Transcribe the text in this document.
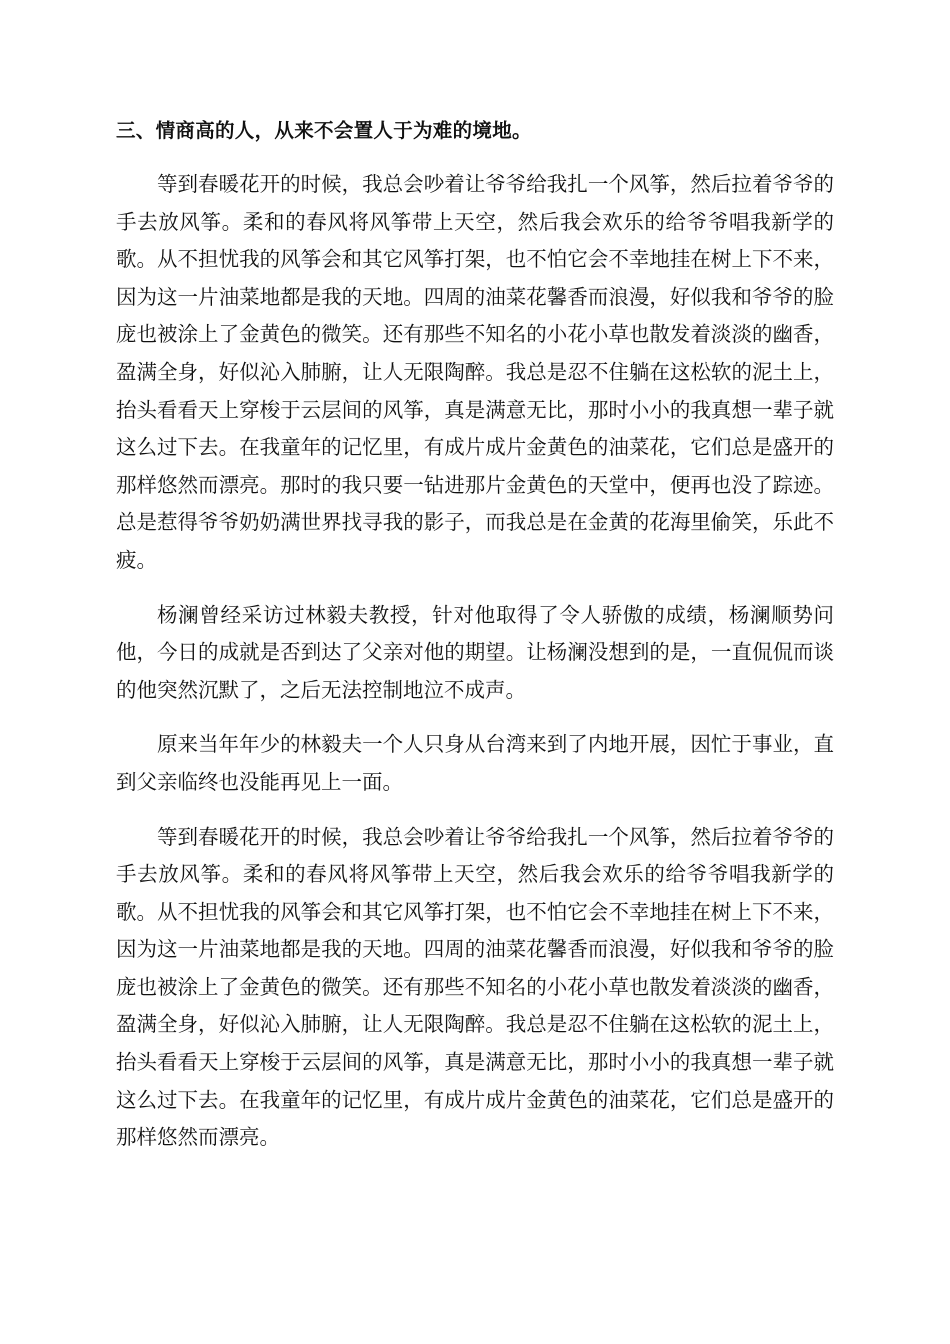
三、情商高的人，从来不会置人于为难的境地。

等到春暖花开的时候，我总会吵着让爷爷给我扎一个风筝，然后拉着爷爷的手去放风筝。柔和的春风将风筝带上天空，然后我会欢乐的给爷爷唱我新学的歌。从不担忧我的风筝会和其它风筝打架，也不怕它会不幸地挂在树上下不来，因为这一片油菜地都是我的天地。四周的油菜花馨香而浪漫，好似我和爷爷的脸庞也被涂上了金黄色的微笑。还有那些不知名的小花小草也散发着淡淡的幽香，盈满全身，好似沁入肺腑，让人无限陶醉。我总是忍不住躺在这松软的泥土上，抬头看看天上穿梭于云层间的风筝，真是满意无比，那时小小的我真想一辈子就这么过下去。在我童年的记忆里，有成片成片金黄色的油菜花，它们总是盛开的那样悠然而漂亮。那时的我只要一钻进那片金黄色的天堂中，便再也没了踪迹。总是惹得爷爷奶奶满世界找寻我的影子，而我总是在金黄的花海里偷笑，乐此不疲。

杨澜曾经采访过林毅夫教授，针对他取得了令人骄傲的成绩，杨澜顺势问他，今日的成就是否到达了父亲对他的期望。让杨澜没想到的是，一直侃侃而谈的他突然沉默了，之后无法控制地泣不成声。

原来当年年少的林毅夫一个人只身从台湾来到了内地开展，因忙于事业，直到父亲临终也没能再见上一面。

等到春暖花开的时候，我总会吵着让爷爷给我扎一个风筝，然后拉着爷爷的手去放风筝。柔和的春风将风筝带上天空，然后我会欢乐的给爷爷唱我新学的歌。从不担忧我的风筝会和其它风筝打架，也不怕它会不幸地挂在树上下不来，因为这一片油菜地都是我的天地。四周的油菜花馨香而浪漫，好似我和爷爷的脸庞也被涂上了金黄色的微笑。还有那些不知名的小花小草也散发着淡淡的幽香，盈满全身，好似沁入肺腑，让人无限陶醉。我总是忍不住躺在这松软的泥土上，抬头看看天上穿梭于云层间的风筝，真是满意无比，那时小小的我真想一辈子就这么过下去。在我童年的记忆里，有成片成片金黄色的油菜花，它们总是盛开的那样悠然而漂亮。
